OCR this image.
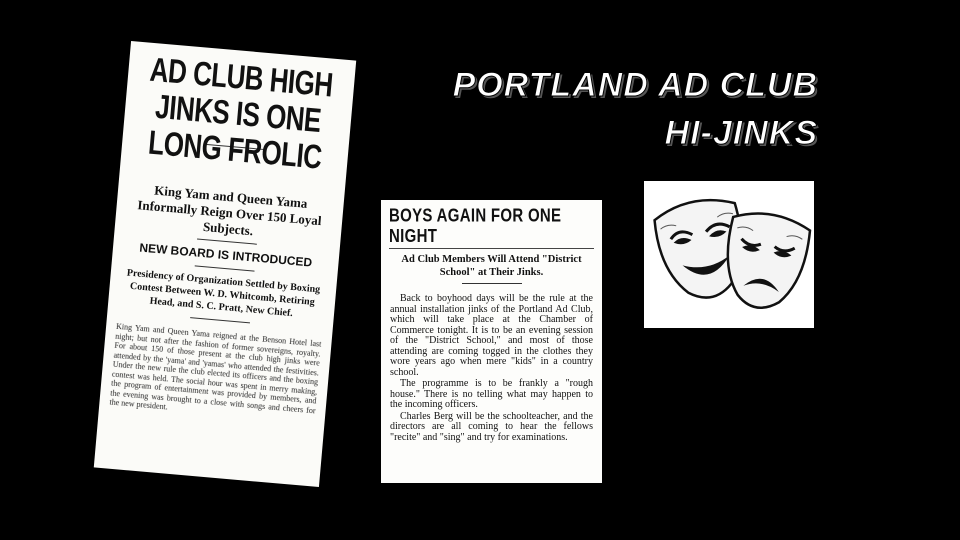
PORTLAND AD CLUB
HI-JINKS
AD CLUB HIGH JINKS IS ONE LONG FROLIC
King Yam and Queen Yama Informally Reign Over 150 Loyal Subjects.
NEW BOARD IS INTRODUCED
Presidency of Organization Settled by Boxing Contest Between W. D. Whitcomb, Retiring Head, and S. C. Pratt, New Chief.
King Yam and Queen Yama reigned at the Benson Hotel last night; but not after the fashion of former sovereigns, royalty. For about 150 of those present at the club high jinks were attended by the 'yama' and 'yamas' who attended the festivities. Under the new rule the club elected its officers and the boxing contest was held. The social hour was spent in merry making, the program of entertainment was provided by members, and the evening was brought to a close with songs and cheers for the new president.
BOYS AGAIN FOR ONE NIGHT
Ad Club Members Will Attend "District School" at Their Jinks.

Back to boyhood days will be the rule at the annual installation jinks of the Portland Ad Club, which will take place at the Chamber of Commerce tonight. It is to be an evening session of the "District School," and most of those attending are coming togged in the clothes they wore years ago when mere "kids" in a country school.

The programme is to be frankly a "rough house." There is no telling what may happen to the incoming officers.

Charles Berg will be the schoolteacher, and the directors are all coming to hear the fellows "recite" and "sing" and try for examinations.
